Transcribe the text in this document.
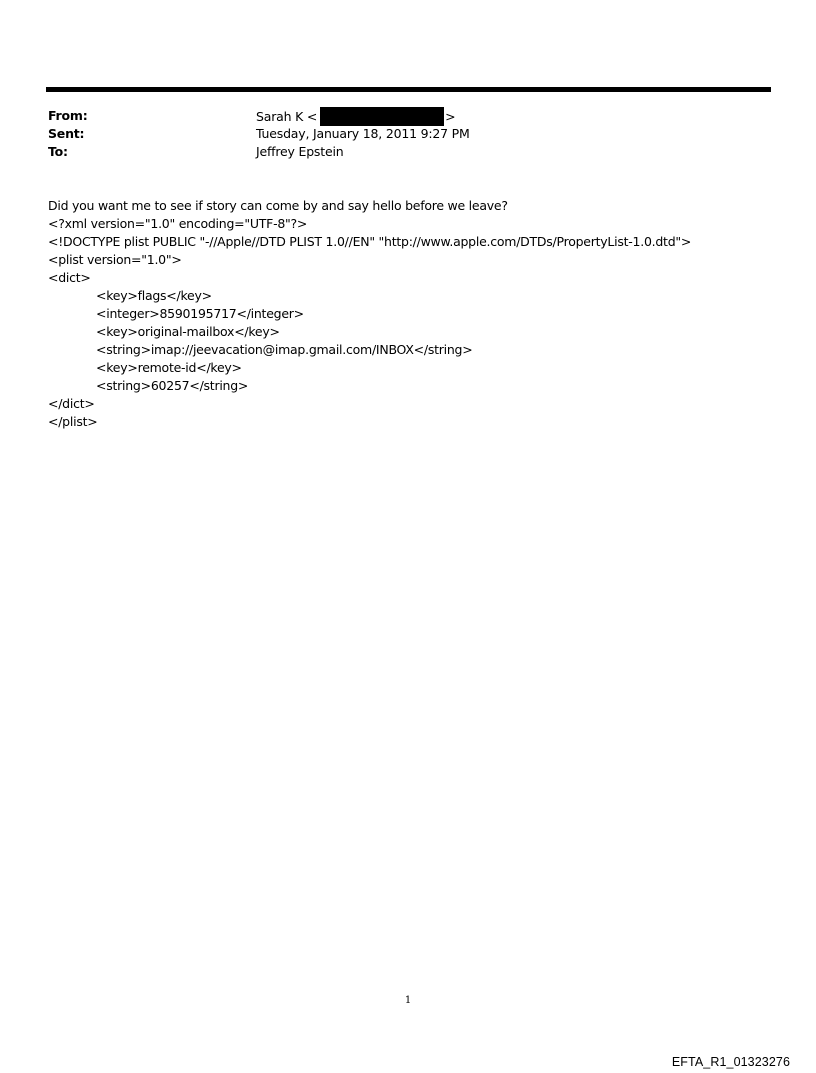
From:	Sarah K <	>
Sent:	Tuesday, January 18, 2011 9:27 PM
To:	Jeffrey Epstein
Did you want me to see if story can come by and say hello before we leave?
<?xml version="1.0" encoding="UTF-8"?>
<!DOCTYPE plist PUBLIC "-//Apple//DTD PLIST 1.0//EN" "http://www.apple.com/DTDs/PropertyList-1.0.dtd">
<plist version="1.0">
<dict>
<key>flags</key>
<integer>8590195717</integer>
<key>original-mailbox</key>
<string>imap://jeevacation@imap.gmail.com/INBOX</string>
<key>remote-id</key>
<string>60257</string>
</dict>
</plist>
1
EFTA_R1_01323276
